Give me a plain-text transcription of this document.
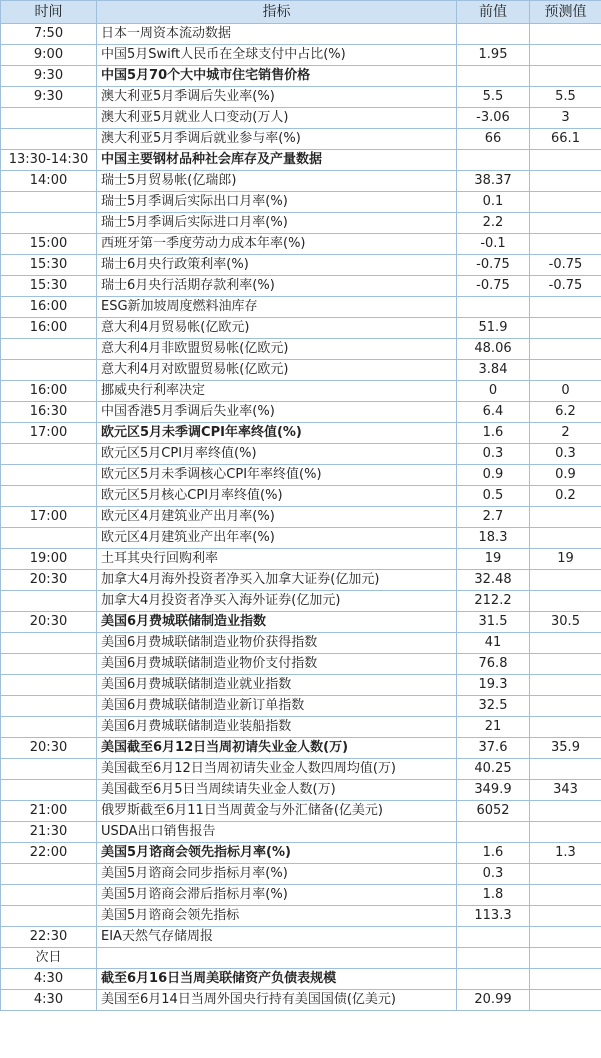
时间	指标	前值	预测值
7:50	日本一周资本流动数据		
9:00	中国5月Swift人民币在全球支付中占比(%)	1.95	
9:30	中国5月70个大中城市住宅销售价格		
9:30	澳大利亚5月季调后失业率(%)	5.5	5.5
	澳大利亚5月就业人口变动(万人)	-3.06	3
	澳大利亚5月季调后就业参与率(%)	66	66.1
13:30-14:30	中国主要钢材品种社会库存及产量数据		
14:00	瑞士5月贸易帐(亿瑞郎)	38.37	
	瑞士5月季调后实际出口月率(%)	0.1	
	瑞士5月季调后实际进口月率(%)	2.2	
15:00	西班牙第一季度劳动力成本年率(%)	-0.1	
15:30	瑞士6月央行政策利率(%)	-0.75	-0.75
15:30	瑞士6月央行活期存款利率(%)	-0.75	-0.75
16:00	ESG新加坡周度燃料油库存		
16:00	意大利4月贸易帐(亿欧元)	51.9	
	意大利4月非欧盟贸易帐(亿欧元)	48.06	
	意大利4月对欧盟贸易帐(亿欧元)	3.84	
16:00	挪威央行利率决定	0	0
16:30	中国香港5月季调后失业率(%)	6.4	6.2
17:00	欧元区5月未季调CPI年率终值(%)	1.6	2
	欧元区5月CPI月率终值(%)	0.3	0.3
	欧元区5月未季调核心CPI年率终值(%)	0.9	0.9
	欧元区5月核心CPI月率终值(%)	0.5	0.2
17:00	欧元区4月建筑业产出月率(%)	2.7	
	欧元区4月建筑业产出年率(%)	18.3	
19:00	土耳其央行回购利率	19	19
20:30	加拿大4月海外投资者净买入加拿大证券(亿加元)	32.48	
	加拿大4月投资者净买入海外证券(亿加元)	212.2	
20:30	美国6月费城联储制造业指数	31.5	30.5
	美国6月费城联储制造业物价获得指数	41	
	美国6月费城联储制造业物价支付指数	76.8	
	美国6月费城联储制造业就业指数	19.3	
	美国6月费城联储制造业新订单指数	32.5	
	美国6月费城联储制造业装船指数	21	
20:30	美国截至6月12日当周初请失业金人数(万)	37.6	35.9
	美国截至6月12日当周初请失业金人数四周均值(万)	40.25	
	美国截至6月5日当周续请失业金人数(万)	349.9	343
21:00	俄罗斯截至6月11日当周黄金与外汇储备(亿美元)	6052	
21:30	USDA出口销售报告		
22:00	美国5月谘商会领先指标月率(%)	1.6	1.3
	美国5月谘商会同步指标月率(%)	0.3	
	美国5月谘商会滞后指标月率(%)	1.8	
	美国5月谘商会领先指标	113.3	
22:30	EIA天然气存储周报		
次日			
4:30	截至6月16日当周美联储资产负债表规模		
4:30	美国至6月14日当周外国央行持有美国国债(亿美元)	20.99	
